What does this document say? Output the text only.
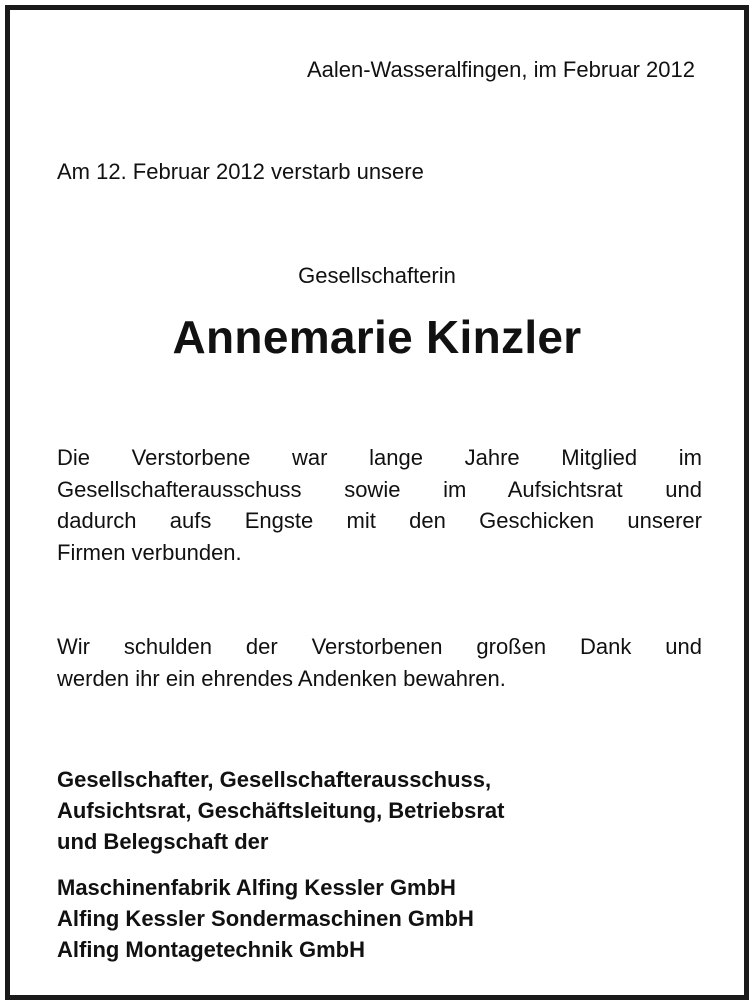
Aalen-Wasseralfingen, im Februar 2012
Am 12. Februar 2012 verstarb unsere
Gesellschafterin
Annemarie Kinzler
Die Verstorbene war lange Jahre Mitglied im
Gesellschafterausschuss sowie im Aufsichtsrat und
dadurch aufs Engste mit den Geschicken unserer
Firmen verbunden.
Wir schulden der Verstorbenen großen Dank und
werden ihr ein ehrendes Andenken bewahren.
Gesellschafter, Gesellschafterausschuss,
Aufsichtsrat, Geschäftsleitung, Betriebsrat
und Belegschaft der
Maschinenfabrik Alfing Kessler GmbH
Alfing Kessler Sondermaschinen GmbH
Alfing Montagetechnik GmbH
